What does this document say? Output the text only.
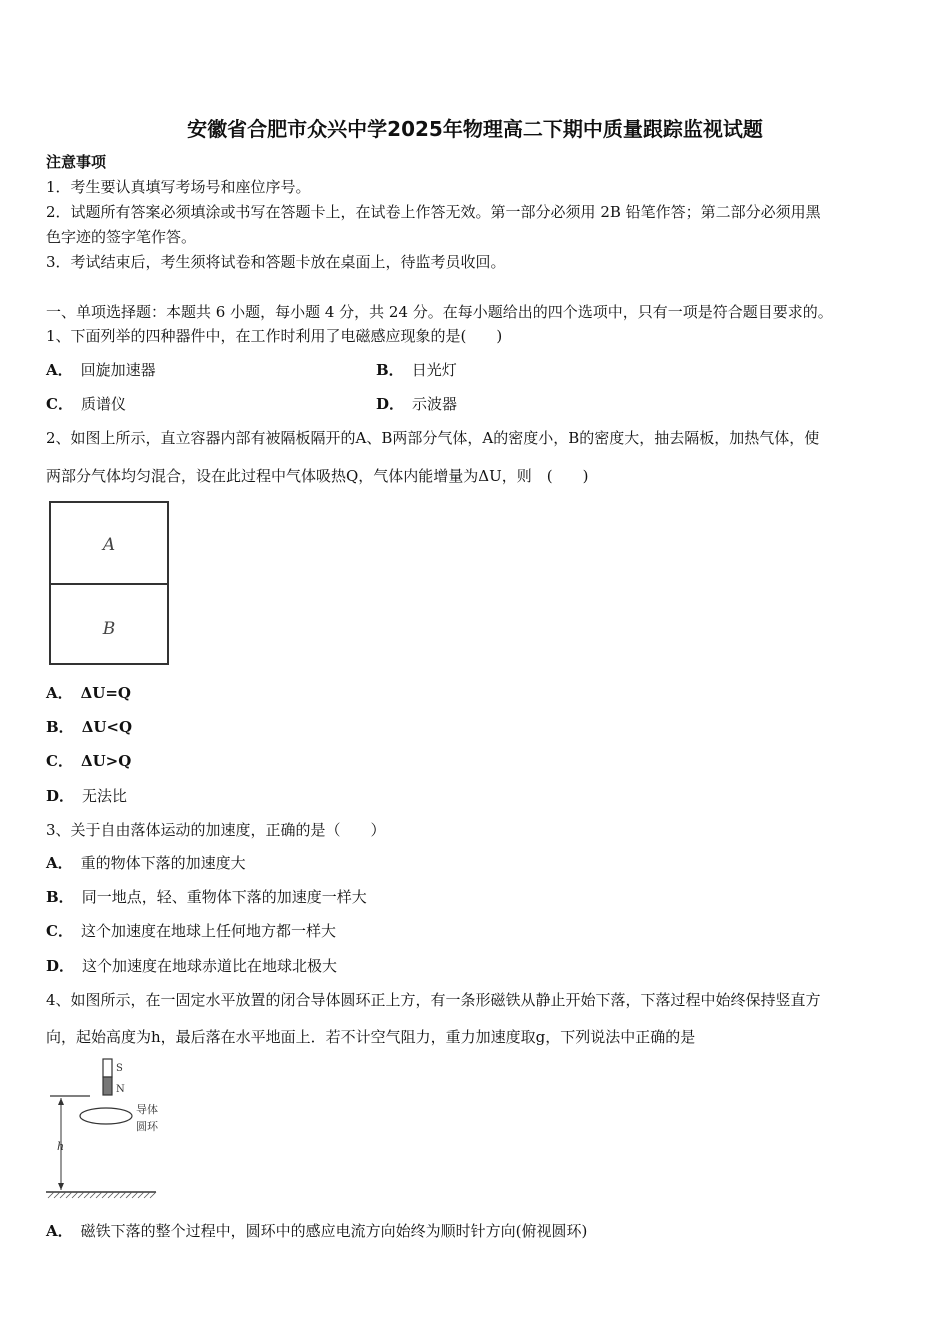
安徽省合肥市众兴中学2025年物理高二下期中质量跟踪监视试题
注意事项
1．考生要认真填写考场号和座位序号。
2．试题所有答案必须填涂或书写在答题卡上，在试卷上作答无效。第一部分必须用 2B 铅笔作答；第二部分必须用黑
色字迹的签字笔作答。
3．考试结束后，考生须将试卷和答题卡放在桌面上，待监考员收回。
一、单项选择题：本题共 6 小题，每小题 4 分，共 24 分。在每小题给出的四个选项中，只有一项是符合题目要求的。
1、下面列举的四种器件中，在工作时利用了电磁感应现象的是(　　)
A． 回旋加速器	B． 日光灯
C． 质谱仪	D． 示波器
2、如图上所示，直立容器内部有被隔板隔开的A、B两部分气体，A的密度小，B的密度大，抽去隔板，加热气体，使
两部分气体均匀混合，设在此过程中气体吸热Q，气体内能增量为ΔU，则　(　　)
A
B
A． ΔU=Q
B． ΔU<Q
C． ΔU>Q
D． 无法比
3、关于自由落体运动的加速度，正确的是（　　）
A． 重的物体下落的加速度大
B． 同一地点，轻、重物体下落的加速度一样大
C． 这个加速度在地球上任何地方都一样大
D． 这个加速度在地球赤道比在地球北极大
4、如图所示，在一固定水平放置的闭合导体圆环正上方，有一条形磁铁从静止开始下落，下落过程中始终保持竖直方
向，起始高度为h，最后落在水平地面上．若不计空气阻力，重力加速度取g，下列说法中正确的是
S
N
导体
圆环
h
A． 磁铁下落的整个过程中，圆环中的感应电流方向始终为顺时针方向(俯视圆环)
